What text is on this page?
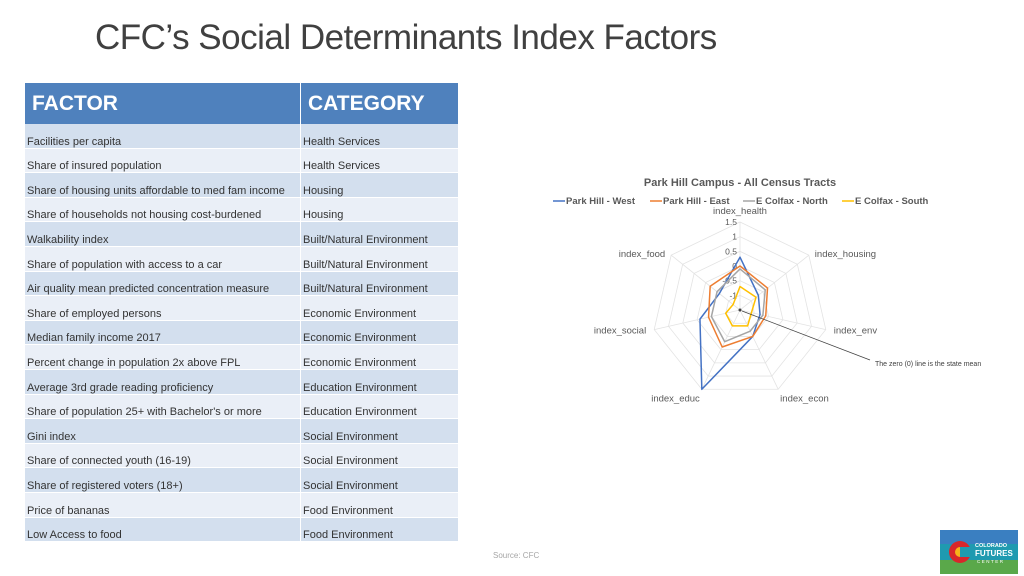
CFC’s Social Determinants Index Factors
FACTOR	CATEGORY
Facilities per capita	Health Services
Share of insured population	Health Services
Share of housing units affordable to med fam income	Housing
Share of households not housing cost-burdened	Housing
Walkability index	Built/Natural Environment
Share of population with access to a car	Built/Natural Environment
Air quality mean predicted concentration measure	Built/Natural Environment
Share of employed persons	Economic Environment
Median family income 2017	Economic Environment
Percent change in population 2x above FPL	Economic Environment
Average 3rd grade reading proficiency	Education Environment
Share of population 25+ with Bachelor's or more	Education Environment
Gini index	Social Environment
Share of connected youth (16-19)	Social Environment
Share of registered voters (18+)	Social Environment
Price of bananas	Food Environment
Low Access to food	Food Environment
Park Hill Campus - All Census Tracts
Park Hill - West	Park Hill - East	E Colfax - North	E Colfax - South
1.5
1
0.5
0
-0.5
-1
index_health
index_housing
index_env
index_econ
index_educ
index_social
index_food
The zero (0) line is the state mean
Source: CFC
COLORADO
FUTURES
CENTER
